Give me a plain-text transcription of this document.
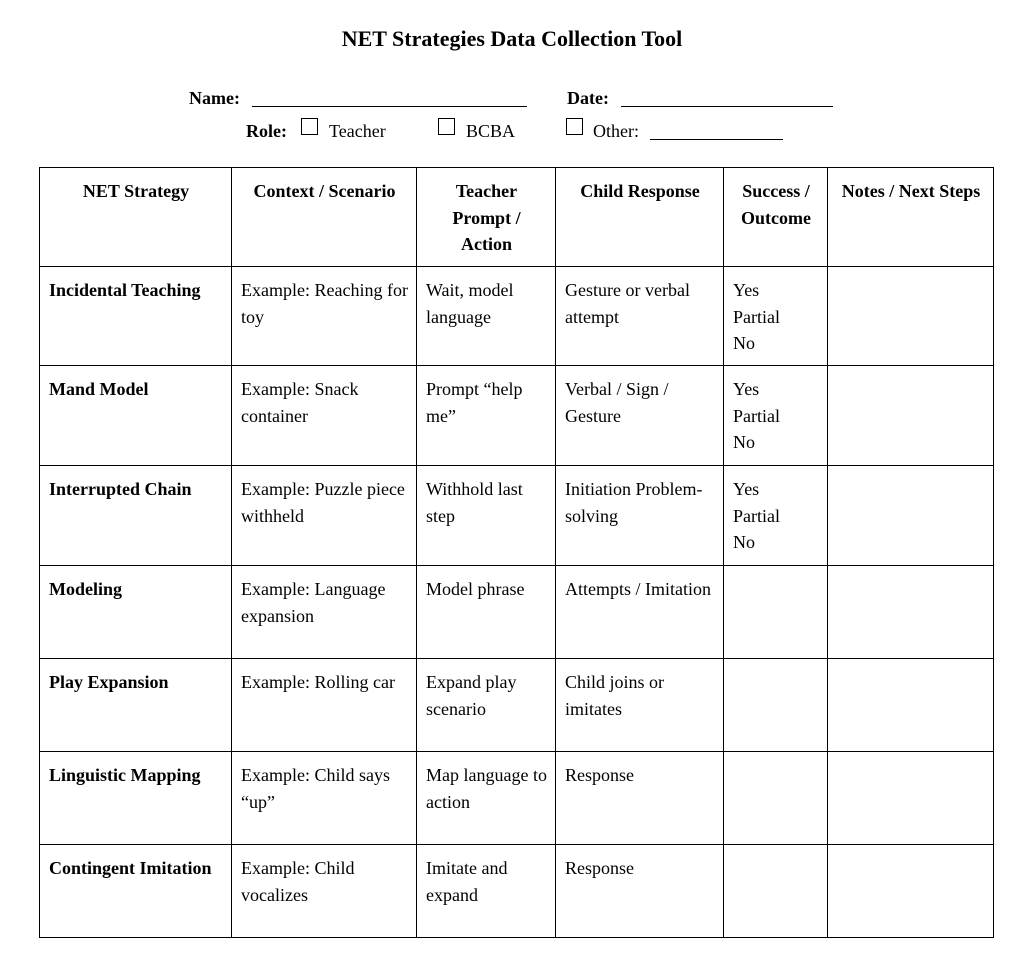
NET Strategies Data Collection Tool
Name:	Date:
Role: Teacher	BCBA	Other:
NET Strategy	Context / Scenario	Teacher Prompt / Action	Child Response	Success / Outcome	Notes / Next Steps
Incidental Teaching	Example: Reaching for toy	Wait, model language	Gesture or verbal attempt	Yes
Partial
No	

Mand Model	Example: Snack container	Prompt “help me”	Verbal / Sign / Gesture	Yes
Partial
No	

Interrupted Chain	Example: Puzzle piece withheld	Withhold last step	Initiation Problem-solving	Yes
Partial
No	

Modeling	Example: Language expansion	Model phrase	Attempts / Imitation		
Play Expansion	Example: Rolling car	Expand play scenario	Child joins or imitates		
Linguistic Mapping	Example: Child says “up”	Map language to action	Response		
Contingent Imitation	Example: Child vocalizes	Imitate and expand	Response		
